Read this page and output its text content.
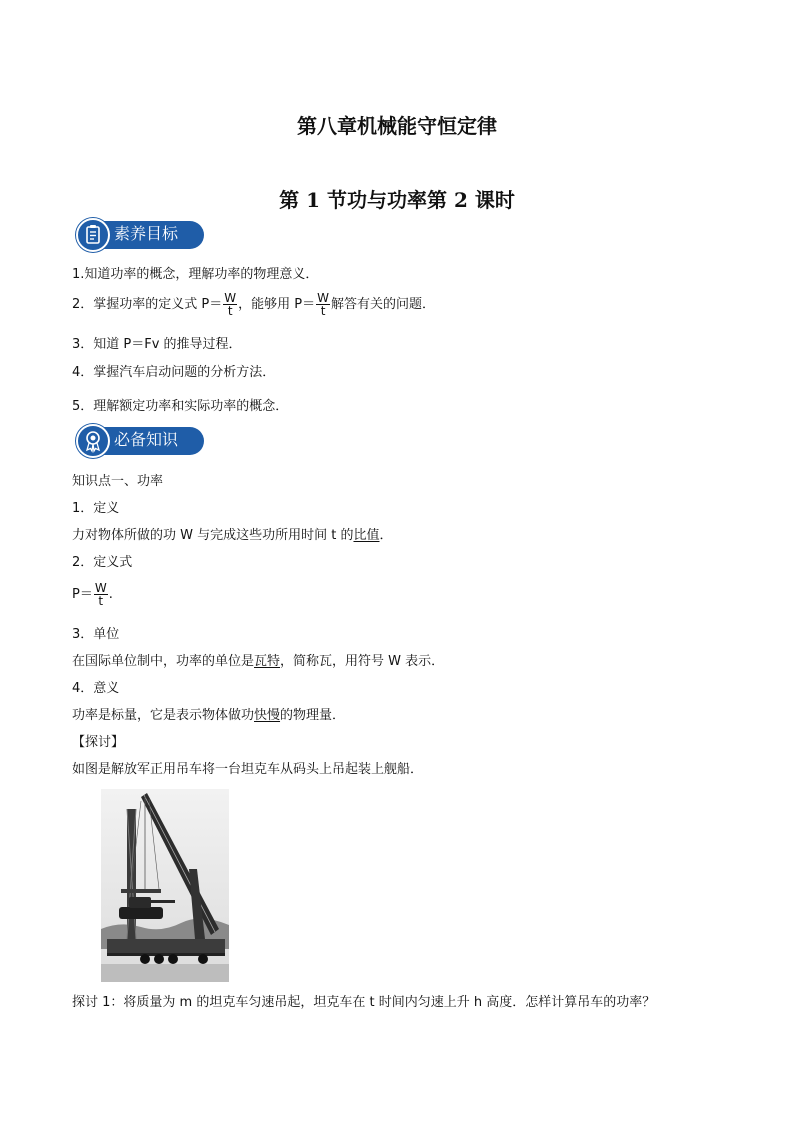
第八章机械能守恒定律
第 1 节功与功率第 2 课时
素养目标
1.知道功率的概念，理解功率的物理意义．
2．掌握功率的定义式 $P= \frac{W}{t}$ ，能够用 $P= \frac{W}{t}$ 解答有关的问题．
3．知道 P＝Fv 的推导过程．
4．掌握汽车启动问题的分析方法．
5．理解额定功率和实际功率的概念．
必备知识
知识点一、功率
1．定义
力对物体所做的功 W 与完成这些功所用时间 t 的比值．
2．定义式
$P= \frac{W}{t}$ .
3．单位
在国际单位制中，功率的单位是瓦特，简称瓦，用符号 W 表示．
4．意义
功率是标量，它是表示物体做功快慢的物理量．
【探讨】
如图是解放军正用吊车将一台坦克车从码头上吊起装上舰船．
探讨 1：将质量为 m 的坦克车匀速吊起，坦克车在 t 时间内匀速上升 h 高度．怎样计算吊车的功率？
